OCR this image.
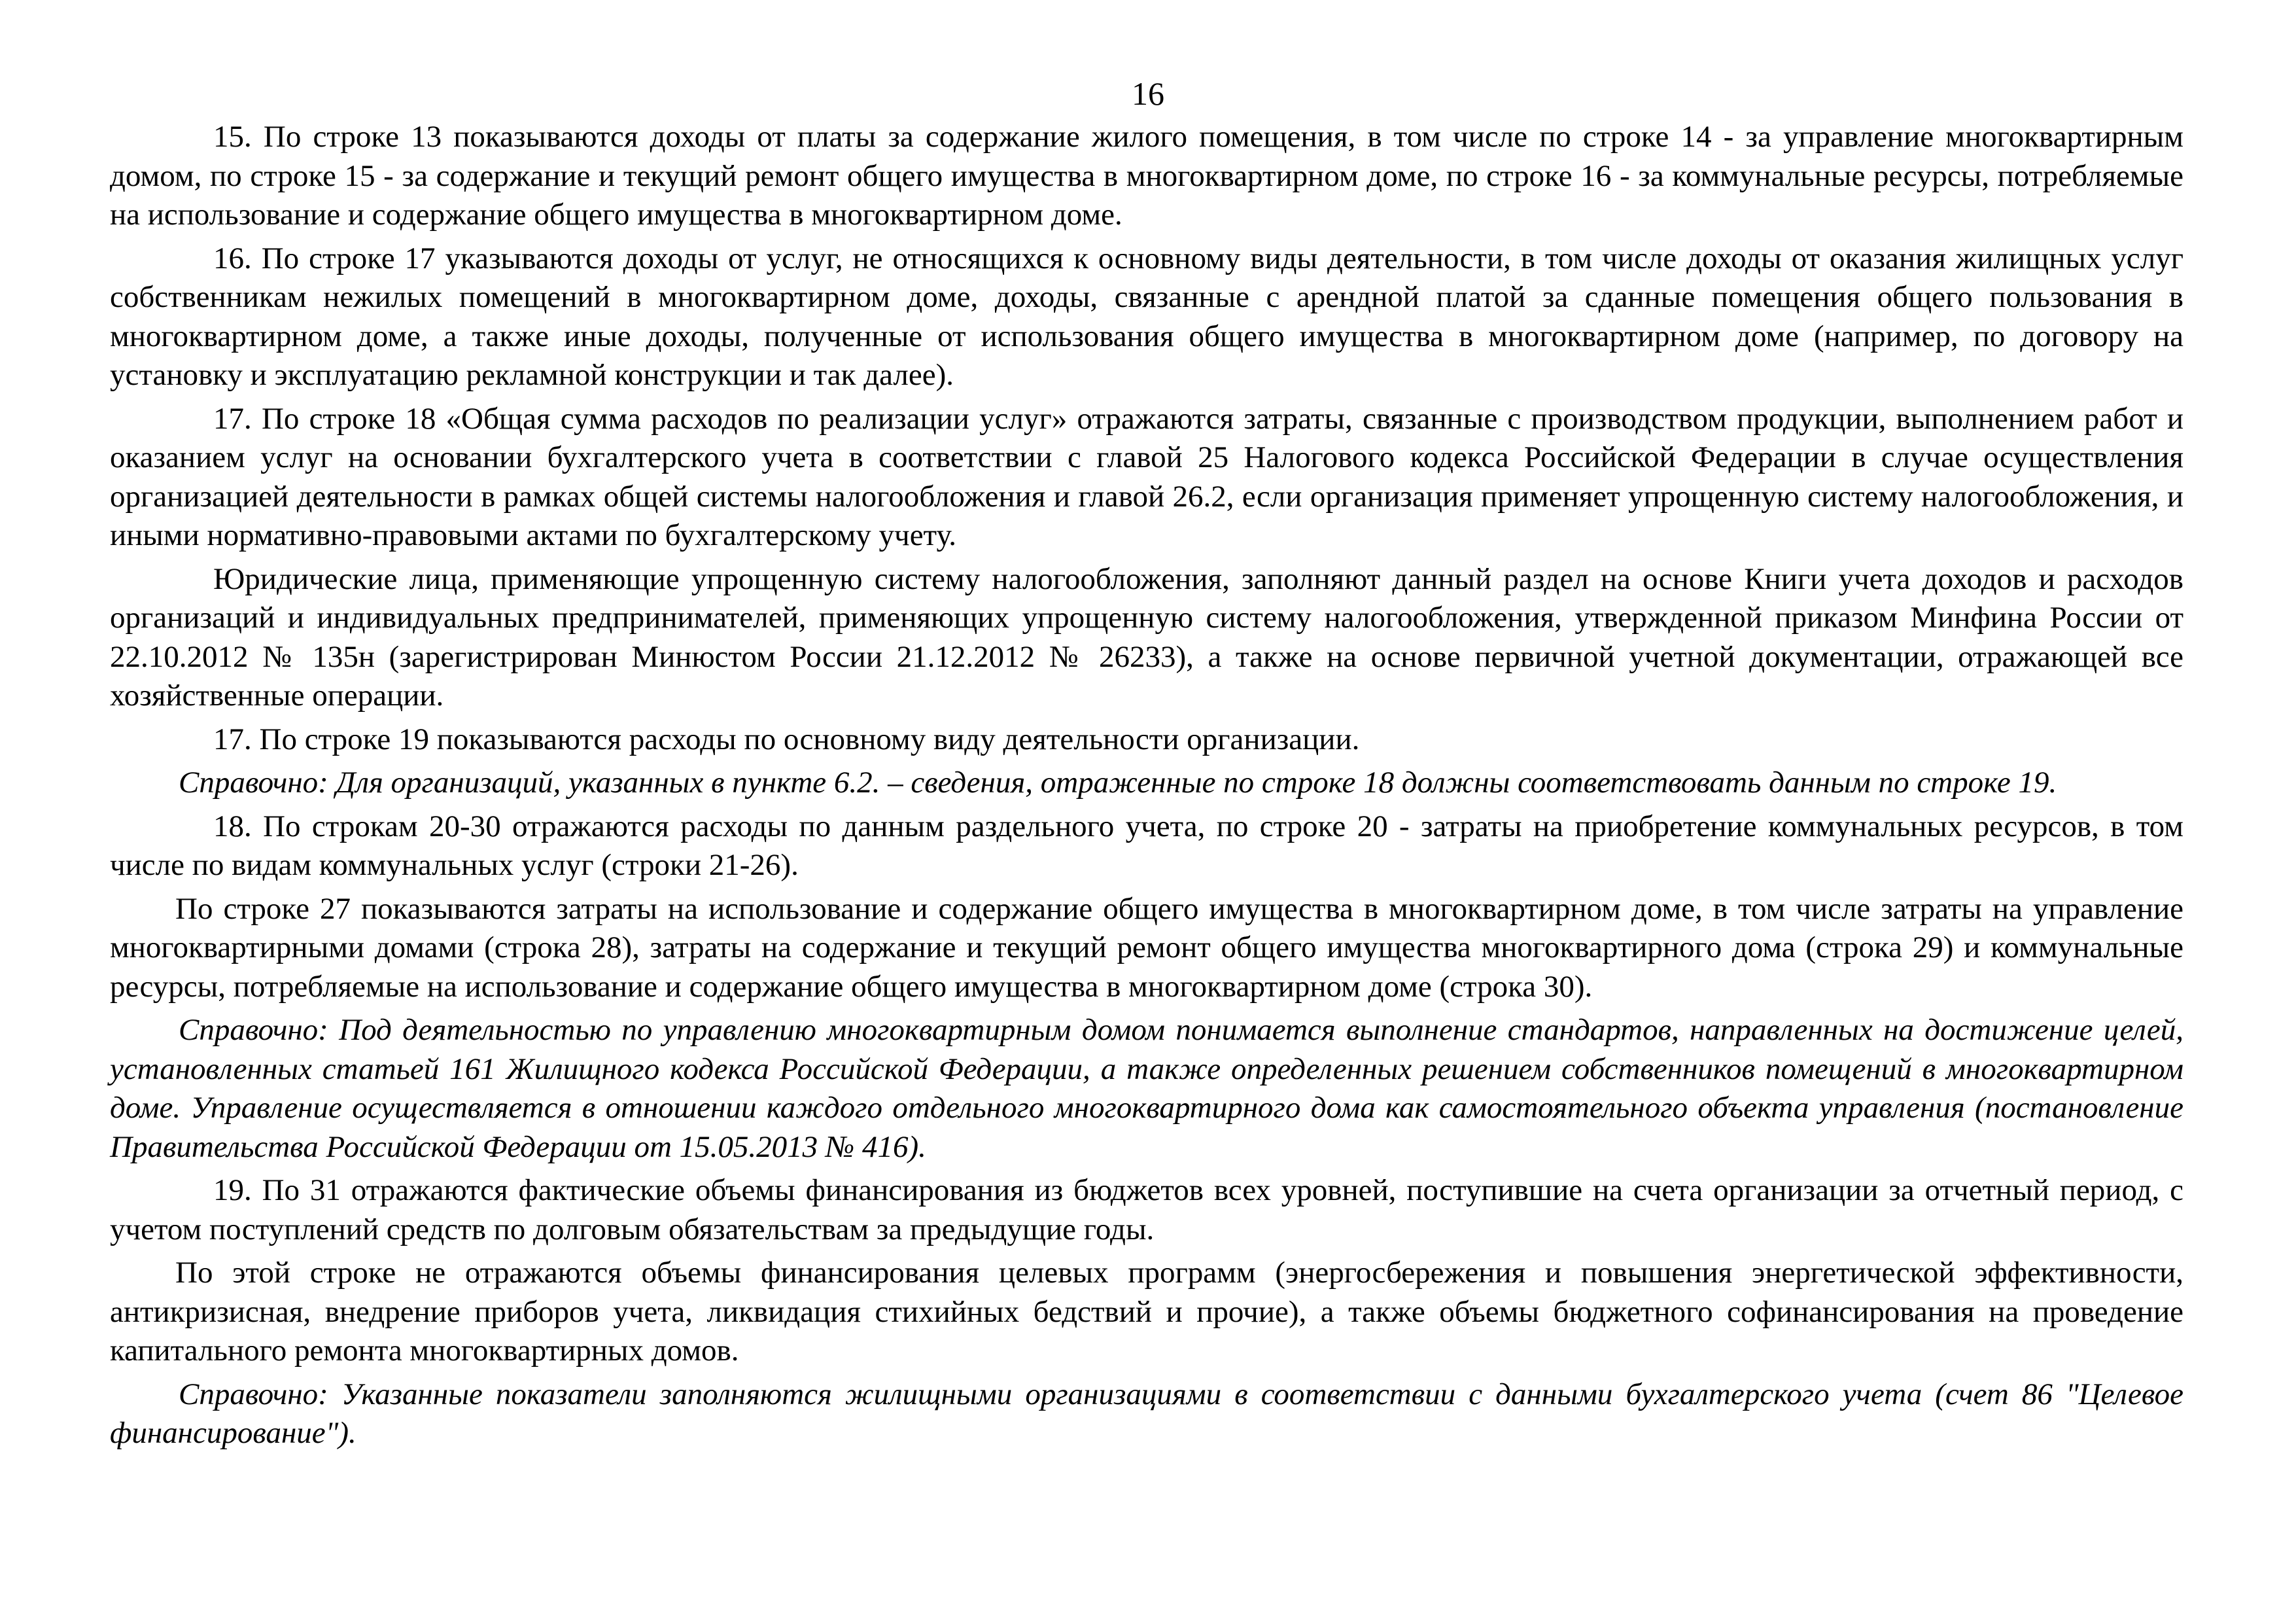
16

15. По строке 13 показываются доходы от платы за содержание жилого помещения, в том числе по строке 14 - за управление многоквартирным домом, по строке 15 - за содержание и текущий ремонт общего имущества в многоквартирном доме, по строке 16 - за коммунальные ресурсы, потребляемые на использование и содержание общего имущества в многоквартирном доме.

16. По строке 17 указываются доходы от услуг, не относящихся к основному виды деятельности, в том числе доходы от оказания жилищных услуг собственникам нежилых помещений в многоквартирном доме, доходы, связанные с арендной платой за сданные помещения общего пользования в многоквартирном доме, а также иные доходы, полученные от использования общего имущества в многоквартирном доме (например, по договору на установку и эксплуатацию рекламной конструкции и так далее).

17. По строке 18 «Общая сумма расходов по реализации услуг» отражаются затраты, связанные с производством продукции, выполнением работ и оказанием услуг на основании бухгалтерского учета в соответствии с главой 25 Налогового кодекса Российской Федерации в случае осуществления организацией деятельности в рамках общей системы налогообложения и главой 26.2, если организация применяет упрощенную систему налогообложения, и иными нормативно-правовыми актами по бухгалтерскому учету.

Юридические лица, применяющие упрощенную систему налогообложения, заполняют данный раздел на основе Книги учета доходов и расходов организаций и индивидуальных предпринимателей, применяющих упрощенную систему налогообложения, утвержденной приказом Минфина России от 22.10.2012 № 135н (зарегистрирован Минюстом России 21.12.2012 № 26233), а также на основе первичной учетной документации, отражающей все хозяйственные операции.

17. По строке 19 показываются расходы по основному виду деятельности организации.

Справочно: Для организаций, указанных в пункте 6.2. – сведения, отраженные по строке 18 должны соответствовать данным по строке 19.

18. По строкам 20-30 отражаются расходы по данным раздельного учета, по строке 20 - затраты на приобретение коммунальных ресурсов, в том числе по видам коммунальных услуг (строки 21-26).

По строке 27 показываются затраты на использование и содержание общего имущества в многоквартирном доме, в том числе затраты на управление многоквартирными домами (строка 28), затраты на содержание и текущий ремонт общего имущества многоквартирного дома (строка 29) и коммунальные ресурсы, потребляемые на использование и содержание общего имущества в многоквартирном доме (строка 30).

Справочно: Под деятельностью по управлению многоквартирным домом понимается выполнение стандартов, направленных на достижение целей, установленных статьей 161 Жилищного кодекса Российской Федерации, а также определенных решением собственников помещений в многоквартирном доме. Управление осуществляется в отношении каждого отдельного многоквартирного дома как самостоятельного объекта управления (постановление Правительства Российской Федерации от 15.05.2013 № 416).

19. По 31 отражаются фактические объемы финансирования из бюджетов всех уровней, поступившие на счета организации за отчетный период, с учетом поступлений средств по долговым обязательствам за предыдущие годы.

По этой строке не отражаются объемы финансирования целевых программ (энергосбережения и повышения энергетической эффективности, антикризисная, внедрение приборов учета, ликвидация стихийных бедствий и прочие), а также объемы бюджетного софинансирования на проведение капитального ремонта многоквартирных домов.

Справочно: Указанные показатели заполняются жилищными организациями в соответствии с данными бухгалтерского учета (счет 86 "Целевое финансирование").
